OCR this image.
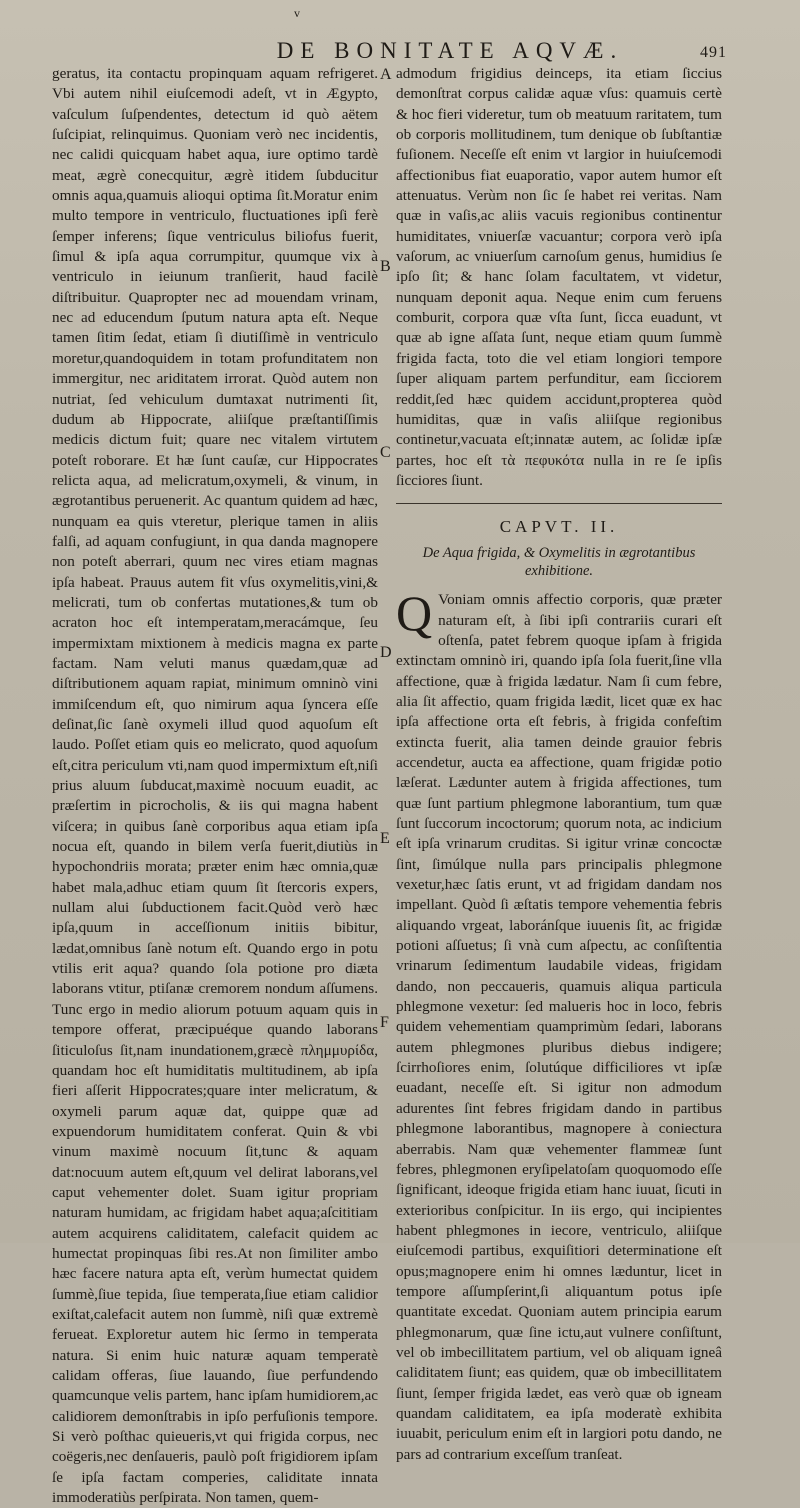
v
DE BONITATE AQVÆ.	491

geratus, ita contactu propinquam aquam refrigeret. Vbi autem nihil eiuſcemodi adeſt, vt in Ægypto, vaſculum ſuſpendentes, detectum id quò aëtem ſuſcipiat, relinquimus. Quoniam verò nec incidentis, nec calidi quicquam habet aqua, iure optimo tardè meat, ægrè conecquitur, ægrè itidem ſubducitur omnis aqua,quamuis alioqui optima ſit.Moratur enim multo tempore in ventriculo, fluctuationes ipſi ferè ſemper inferens; ſique ventriculus biliofus fuerit, ſimul & ipſa aqua corrumpitur, quumque vix à ventriculo in ieiunum tranſierit, haud facilè diſtribuitur. Quapropter nec ad mouendam vrinam, nec ad educendum ſputum natura apta eſt. Neque tamen ſitim ſedat, etiam ſi diutiſſimè in ventriculo moretur,quandoquidem in totam profunditatem non immergitur, nec ariditatem irrorat. Quòd autem non nutriat, ſed vehiculum dumtaxat nutrimenti ſit, dudum ab Hippocrate, aliiſque præſtantiſſimis medicis dictum fuit; quare nec vitalem virtutem poteſt roborare. Et hæ ſunt cauſæ, cur Hippocrates relicta aqua, ad melicratum,oxymeli, & vinum, in ægrotantibus peruenerit. Ac quantum quidem ad hæc, nunquam ea quis vteretur, plerique tamen in aliis falſi, ad aquam confugiunt, in qua danda magnopere non poteſt aberrari, quum nec vires etiam magnas ipſa habeat. Prauus autem fit vſus oxymelitis,vini,& melicrati, tum ob confertas mutationes,& tum ob acraton hoc eſt intemperatam,meracámque, ſeu impermixtam mixtionem à medicis magna ex parte factam. Nam veluti manus quædam,quæ ad diſtributionem aquam rapiat, minimum omninò vini immiſcendum eſt, quo nimirum aqua ſyncera eſſe deſinat,ſic ſanè oxymeli illud quod aquoſum eſt laudo. Poſſet etiam quis eo melicrato, quod aquoſum eſt,citra periculum vti,nam quod impermixtum eſt,niſi prius aluum ſubducat,maximè nocuum euadit, ac præſertim in picrocholis, & iis qui magna habent viſcera; in quibus ſanè corporibus aqua etiam ipſa nocua eſt, quando in bilem verſa fuerit,diutiùs in hypochondriis morata; præter enim hæc omnia,quæ habet mala,adhuc etiam quum ſit ſtercoris expers, nullam alui ſubductionem facit.Quòd verò hæc ipſa,quum in acceſſionum initiis bibitur, lædat,omnibus ſanè notum eſt. Quando ergo in potu vtilis erit aqua? quando ſola potione pro diæta laborans vtitur, ptiſanæ cremorem nondum aſſumens. Tunc ergo in medio aliorum potuum aquam quis in tempore offerat, præcipuéque quando laborans ſiticuloſus ſit,nam inundationem,græcè πλημμυρίδα, quandam hoc eſt humiditatis multitudinem, ab ipſa fieri aſſerit Hippocrates;quare inter melicratum, & oxymeli parum aquæ dat, quippe quæ ad expuendorum humiditatem conferat. Quin & vbi vinum maximè nocuum ſit,tunc & aquam dat:nocuum autem eſt,quum vel delirat laborans,vel caput vehementer dolet. Suam igitur propriam naturam humidam, ac frigidam habet aqua;aſcititiam autem acquirens caliditatem, calefacit quidem ac humectat propinquas ſibi res.At non ſimiliter ambo hæc facere natura apta eſt, verùm humectat quidem ſummè,ſiue tepida, ſiue temperata,ſiue etiam calidior exiſtat,calefacit autem non ſummè, niſi quæ extremè ferueat. Exploretur autem hic ſermo in temperata natura. Si enim huic naturæ aquam temperatè calidam offeras, ſiue lauando, ſiue perfundendo quamcunque velis partem, hanc ipſam humidiorem,ac calidiorem demonſtrabis in ipſo perfuſionis tempore. Si verò poſthac quieueris,vt qui frigida corpus, nec coëgeris,nec denſaueris, paulò poſt frigidiorem ipſam ſe ipſa factam comperies, caliditate innata immoderatiùs perſpirata. Non tamen, quem-

A
B
C
D
E
F

admodum frigidius deinceps, ita etiam ſiccius demonſtrat corpus calidæ aquæ vſus: quamuis certè & hoc fieri videretur, tum ob meatuum raritatem, tum ob corporis mollitudinem, tum denique ob ſubſtantiæ fuſionem. Neceſſe eſt enim vt largior in huiuſcemodi affectionibus fiat euaporatio, vapor autem humor eſt attenuatus. Verùm non ſic ſe habet rei veritas. Nam quæ in vaſis,ac aliis vacuis regionibus continentur humiditates, vniuerſæ vacuantur; corpora verò ipſa vaſorum, ac vniuerſum carnoſum genus, humidius ſe ipſo ſit; & hanc ſolam facultatem, vt videtur, nunquam deponit aqua. Neque enim cum feruens comburit, corpora quæ vſta ſunt, ſicca euadunt, vt quæ ab igne aſſata ſunt, neque etiam quum ſummè frigida facta, toto die vel etiam longiori tempore ſuper aliquam partem perfunditur, eam ſicciorem reddit,ſed hæc quidem accidunt,propterea quòd humiditas, quæ in vaſis aliiſque regionibus continetur,vacuata eſt;innatæ autem, ac ſolidæ ipſæ partes, hoc eſt τὰ πεφυκότα nulla in re ſe ipſis ſicciores ſiunt.

CAPVT. II.
De Aqua frigida, & Oxymelitis in ægrotantibus exhibitione.

Q Voniam omnis affectio corporis, quæ præter naturam eſt, à ſibi ipſi contrariis curari eſt oſtenſa, patet febrem quoque ipſam à frigida extinctam omninò iri, quando ipſa ſola fuerit,ſine vlla affectione, quæ à frigida lædatur. Nam ſi cum febre, alia ſit affectio, quam frigida lædit, licet quæ ex hac ipſa affectione orta eſt febris, à frigida confeſtim extincta fuerit, alia tamen deinde grauior febris accendetur, aucta ea affectione, quam frigidæ potio læſerat. Lædunter autem à frigida affectiones, tum quæ ſunt partium phlegmone laborantium, tum quæ ſunt ſuccorum incoctorum; quorum nota, ac indicium eſt ipſa vrinarum cruditas. Si igitur vrinæ concoctæ ſint, ſimúlque nulla pars principalis phlegmone vexetur,hæc ſatis erunt, vt ad frigidam dandam nos impellant. Quòd ſi æſtatis tempore vehementia febris aliquando vrgeat, laboránſque iuuenis ſit, ac frigidæ potioni aſſuetus; ſi vnà cum aſpectu, ac conſiſtentia vrinarum ſedimentum laudabile videas, frigidam dando, non peccaueris, quamuis aliqua particula phlegmone vexetur: ſed malueris hoc in loco, febris quidem vehementiam quamprimùm ſedari, laborans autem phlegmones pluribus diebus indigere; ſcirrhoſiores enim, ſolutúque difficiliores vt ipſæ euadant, neceſſe eſt. Si igitur non admodum adurentes ſint febres frigidam dando in partibus phlegmone laborantibus, magnopere à coniectura aberrabis. Nam quæ vehementer flammeæ ſunt febres, phlegmonen eryſipelatoſam quoquomodo eſſe ſignificant, ideoque frigida etiam hanc iuuat, ſicuti in exterioribus conſpicitur. In iis ergo, qui incipientes habent phlegmones in iecore, ventriculo, aliiſque eiuſcemodi partibus, exquiſitiori determinatione eſt opus;magnopere enim hi omnes læduntur, licet in tempore aſſumpſerint,ſi aliquantum potus ipſe quantitate excedat. Quoniam autem principia earum phlegmonarum, quæ ſine ictu,aut vulnere conſiſtunt, vel ob imbecillitatem partium, vel ob aliquam igneâ caliditatem ſiunt; eas quidem, quæ ob imbecillitatem ſiunt, ſemper frigida lædet, eas verò quæ ob igneam quandam caliditatem, ea ipſa moderatè exhibita iuuabit, periculum enim eſt in largiori potu dando, ne pars ad contrarium exceſſum tranſeat.
